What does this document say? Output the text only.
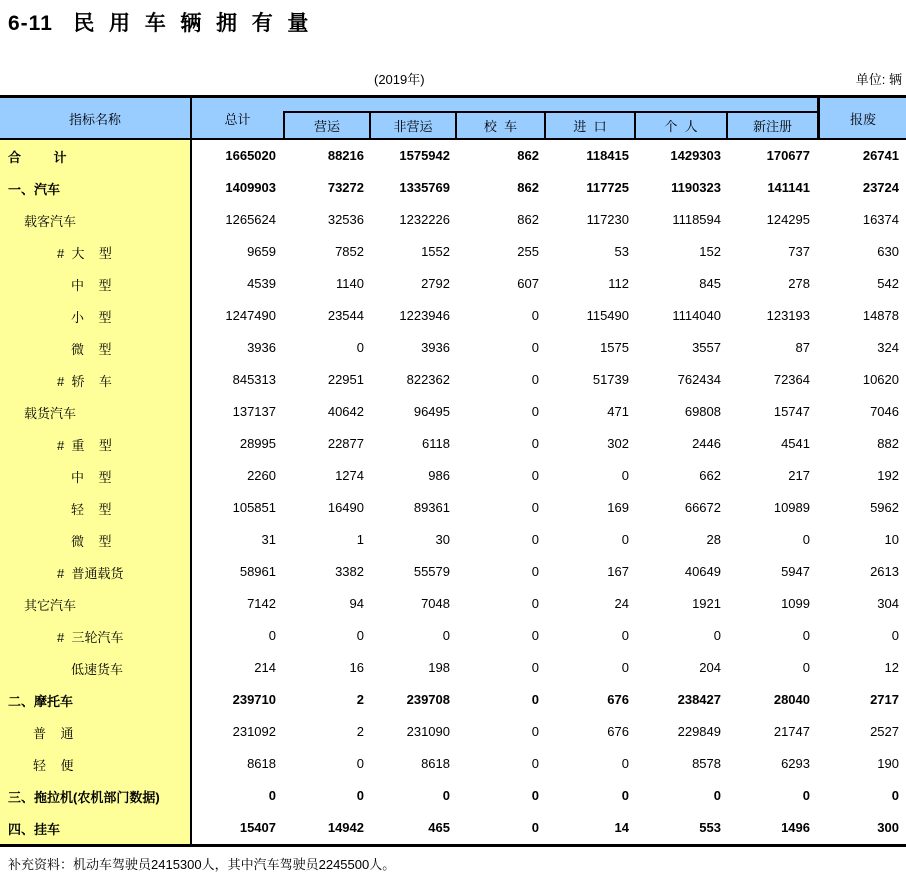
6-11   民  用  车  辆  拥  有  量
(2019年)	单位: 辆
指标名称	总计	营运	非营运	校  车	进  口	个  人	新注册	报废
合         计	1665020	88216	1575942	862	118415	1429303	170677	26741
一、汽车	1409903	73272	1335769	862	117725	1190323	141141	23724
载客汽车	1265624	32536	1232226	862	117230	1118594	124295	16374
#  大    型	9659	7852	1552	255	53	152	737	630
中    型	4539	1140	2792	607	112	845	278	542
小    型	1247490	23544	1223946	0	115490	1114040	123193	14878
微    型	3936	0	3936	0	1575	3557	87	324
#  轿    车	845313	22951	822362	0	51739	762434	72364	10620
载货汽车	137137	40642	96495	0	471	69808	15747	7046
#  重    型	28995	22877	6118	0	302	2446	4541	882
中    型	2260	1274	986	0	0	662	217	192
轻    型	105851	16490	89361	0	169	66672	10989	5962
微    型	31	1	30	0	0	28	0	10
#  普通载货	58961	3382	55579	0	167	40649	5947	2613
其它汽车	7142	94	7048	0	24	1921	1099	304
#  三轮汽车	0	0	0	0	0	0	0	0
低速货车	214	16	198	0	0	204	0	12
二、摩托车	239710	2	239708	0	676	238427	28040	2717
普    通	231092	2	231090	0	676	229849	21747	2527
轻    便	8618	0	8618	0	0	8578	6293	190
三、拖拉机(农机部门数据)	0	0	0	0	0	0	0	0
四、挂车	15407	14942	465	0	14	553	1496	300
补充资料：机动车驾驶员2415300人，其中汽车驾驶员2245500人。
